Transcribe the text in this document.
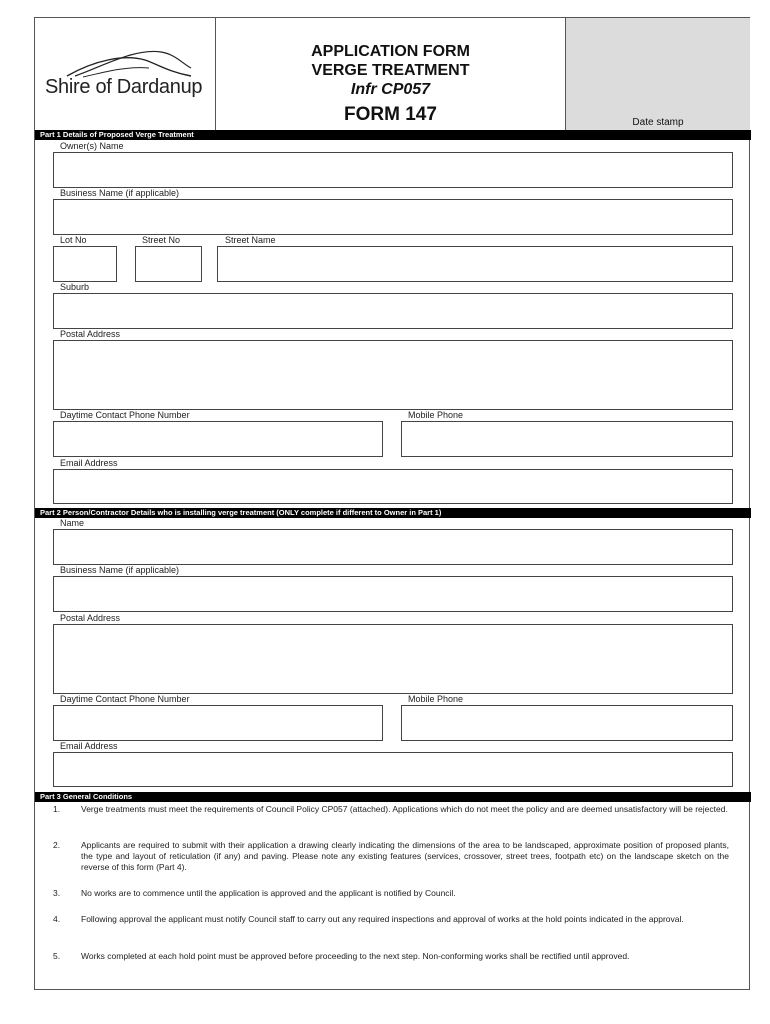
Shire of Dardanup
APPLICATION FORM
VERGE TREATMENT
Infr CP057
FORM 147	Date stamp
Part 1 Details of Proposed Verge Treatment
Owner(s) Name
Business Name (if applicable)
Lot No	Street No	Street Name
Suburb
Postal Address
Daytime Contact Phone Number	Mobile Phone
Email Address
Part 2 Person/Contractor Details who is installing verge treatment (ONLY complete if different to Owner in Part 1)
Name
Business Name (if applicable)
Postal Address
Daytime Contact Phone Number	Mobile Phone
Email Address
Part 3 General Conditions
1.	Verge treatments must meet the requirements of Council Policy CP057 (attached). Applications which do not meet the policy and are deemed unsatisfactory will be rejected.
2.	Applicants are required to submit with their application a drawing clearly indicating the dimensions of the area to be landscaped, approximate position of proposed plants, the type and layout of reticulation (if any) and paving. Please note any existing features (services, crossover, street trees, footpath etc) on the landscape sketch on the reverse of this form (Part 4).
3.	No works are to commence until the application is approved and the applicant is notified by Council.
4.	Following approval the applicant must notify Council staff to carry out any required inspections and approval of works at the hold points indicated in the approval.
5.	Works completed at each hold point must be approved before proceeding to the next step. Non-conforming works shall be rectified until approved.
